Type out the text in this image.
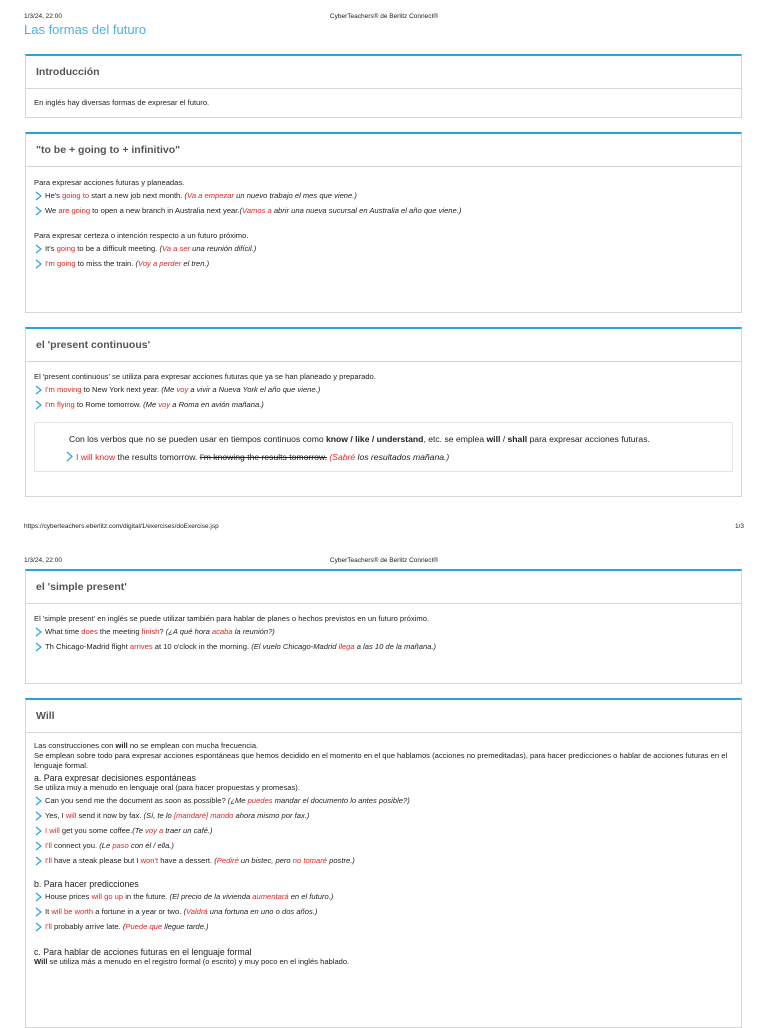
1/3/24, 22:00	CyberTeachers® de Berlitz Connect®
Las formas del futuro
Introducción
En inglés hay diversas formas de expresar el futuro.
"to be + going to + infinitivo"
Para expresar acciones futuras y planeadas.
He's going to start a new job next month. (Va a empezar un nuevo trabajo el mes que viene.)
We are going to open a new branch in Australia next year.(Vamos a abrir una nueva sucursal en Australia el año que viene.)
Para expresar certeza o intención respecto a un futuro próximo.
It's going to be a difficult meeting. (Va a ser una reunión difícil.)
I'm going to miss the train. (Voy a perder el tren.)
el 'present continuous'
El 'present continuous' se utiliza para expresar acciones futuras que ya se han planeado y preparado.
I'm moving to New York next year. (Me voy a vivir a Nueva York el año que viene.)
I'm flying to Rome tomorrow. (Me voy a Roma en avión mañana.)
Con los verbos que no se pueden usar en tiempos continuos como know / like / understand, etc. se emplea will / shall para expresar acciones futuras.
I will know the results tomorrow. I'm knowing the results tomorrow. (Sabré los resultados mañana.)
https://cyberteachers.eberlitz.com/digital/1/exercises/doExercise.jsp	1/3
1/3/24, 22:00	CyberTeachers® de Berlitz Connect®
el 'simple present'
El 'simple present' en inglés se puede utilizar también para hablar de planes o hechos previstos en un futuro próximo.
What time does the meeting finish? (¿A qué hora acaba la reunión?)
Th Chicago-Madrid flight arrives at 10 o'clock in the morning. (El vuelo Chicago-Madrid llega a las 10 de la mañana.)
Will
Las construcciones con will no se emplean con mucha frecuencia.
Se emplean sobre todo para expresar acciones espontáneas que hemos decidido en el momento en el que hablamos (acciones no premeditadas), para hacer predicciones o hablar de acciones futuras en el lenguaje formal.
a. Para expresar decisiones espontáneas
Se utiliza muy a menudo en lenguaje oral (para hacer propuestas y promesas).
Can you send me the document as soon as possible? (¿Me puedes mandar el documento lo antes posible?)
Yes, I will send it now by fax. (Sí, te lo [mandaré] mando ahora mismo por fax.)
I will get you some coffee.(Te voy a traer un café.)
I'll connect you. (Le paso con él / ella.)
I'll have a steak please but I won't have a dessert. (Pediré un bistec, pero no tomaré postre.)
b. Para hacer predicciones
House prices will go up in the future. (El precio de la vivienda aumentará en el futuro.)
It will be worth a fortune in a year or two. (Valdrá una fortuna en uno o dos años.)
I'll probably arrive late. (Puede que llegue tarde.)
c. Para hablar de acciones futuras en el lenguaje formal
Will se utiliza más a menudo en el registro formal (o escrito) y muy poco en el inglés hablado.
